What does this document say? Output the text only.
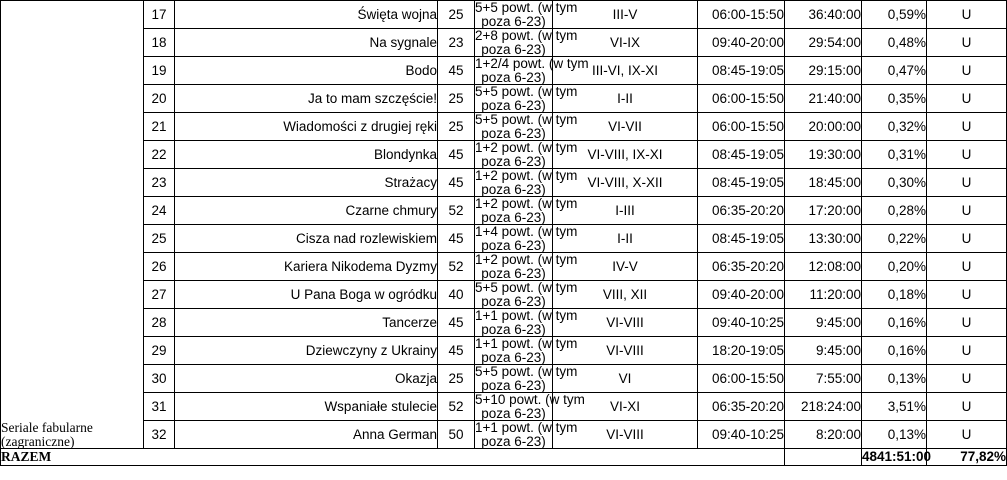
Seriale fabularne
(zagraniczne)	17	Święta wojna	25	5+5 powt. (w tym
poza 6-23)	III-V	06:00-15:50	36:40:00	0,59%	U	
	18	Na sygnale	23	2+8 powt. (w tym
poza 6-23)	VI-IX	09:40-20:00	29:54:00	0,48%	U	
	19	Bodo	45	1+2/4 powt. (w tym
poza 6-23)	III-VI, IX-XI	08:45-19:05	29:15:00	0,47%	U	
	20	Ja to mam szczęście!	25	5+5 powt. (w tym
poza 6-23)	I-II	06:00-15:50	21:40:00	0,35%	U	
	21	Wiadomości z drugiej ręki	25	5+5 powt. (w tym
poza 6-23)	VI-VII	06:00-15:50	20:00:00	0,32%	U	
	22	Blondynka	45	1+2 powt. (w tym
poza 6-23)	VI-VIII, IX-XI	08:45-19:05	19:30:00	0,31%	U	
	23	Strażacy	45	1+2 powt. (w tym
poza 6-23)	VI-VIII, X-XII	08:45-19:05	18:45:00	0,30%	U	
	24	Czarne chmury	52	1+2 powt. (w tym
poza 6-23)	I-III	06:35-20:20	17:20:00	0,28%	U	
	25	Cisza nad rozlewiskiem	45	1+4 powt. (w tym
poza 6-23)	I-II	08:45-19:05	13:30:00	0,22%	U	
	26	Kariera Nikodema Dyzmy	52	1+2 powt. (w tym
poza 6-23)	IV-V	06:35-20:20	12:08:00	0,20%	U	
	27	U Pana Boga w ogródku	40	5+5 powt. (w tym
poza 6-23)	VIII, XII	09:40-20:00	11:20:00	0,18%	U	
	28	Tancerze	45	1+1 powt. (w tym
poza 6-23)	VI-VIII	09:40-10:25	9:45:00	0,16%	U	
	29	Dziewczyny z Ukrainy	45	1+1 powt. (w tym
poza 6-23)	VI-VIII	18:20-19:05	9:45:00	0,16%	U	
	30	Okazja	25	5+5 powt. (w tym
poza 6-23)	VI	06:00-15:50	7:55:00	0,13%	U	
	31	Wspaniałe stulecie	52	5+10 powt. (w tym
poza 6-23)	VI-XI	06:35-20:20	218:24:00	3,51%	U	
	32	Anna German	50	1+1 powt. (w tym
poza 6-23)	VI-VIII	09:40-10:25	8:20:00	0,13%	U	
RAZEM								4841:51:00	77,82%	
